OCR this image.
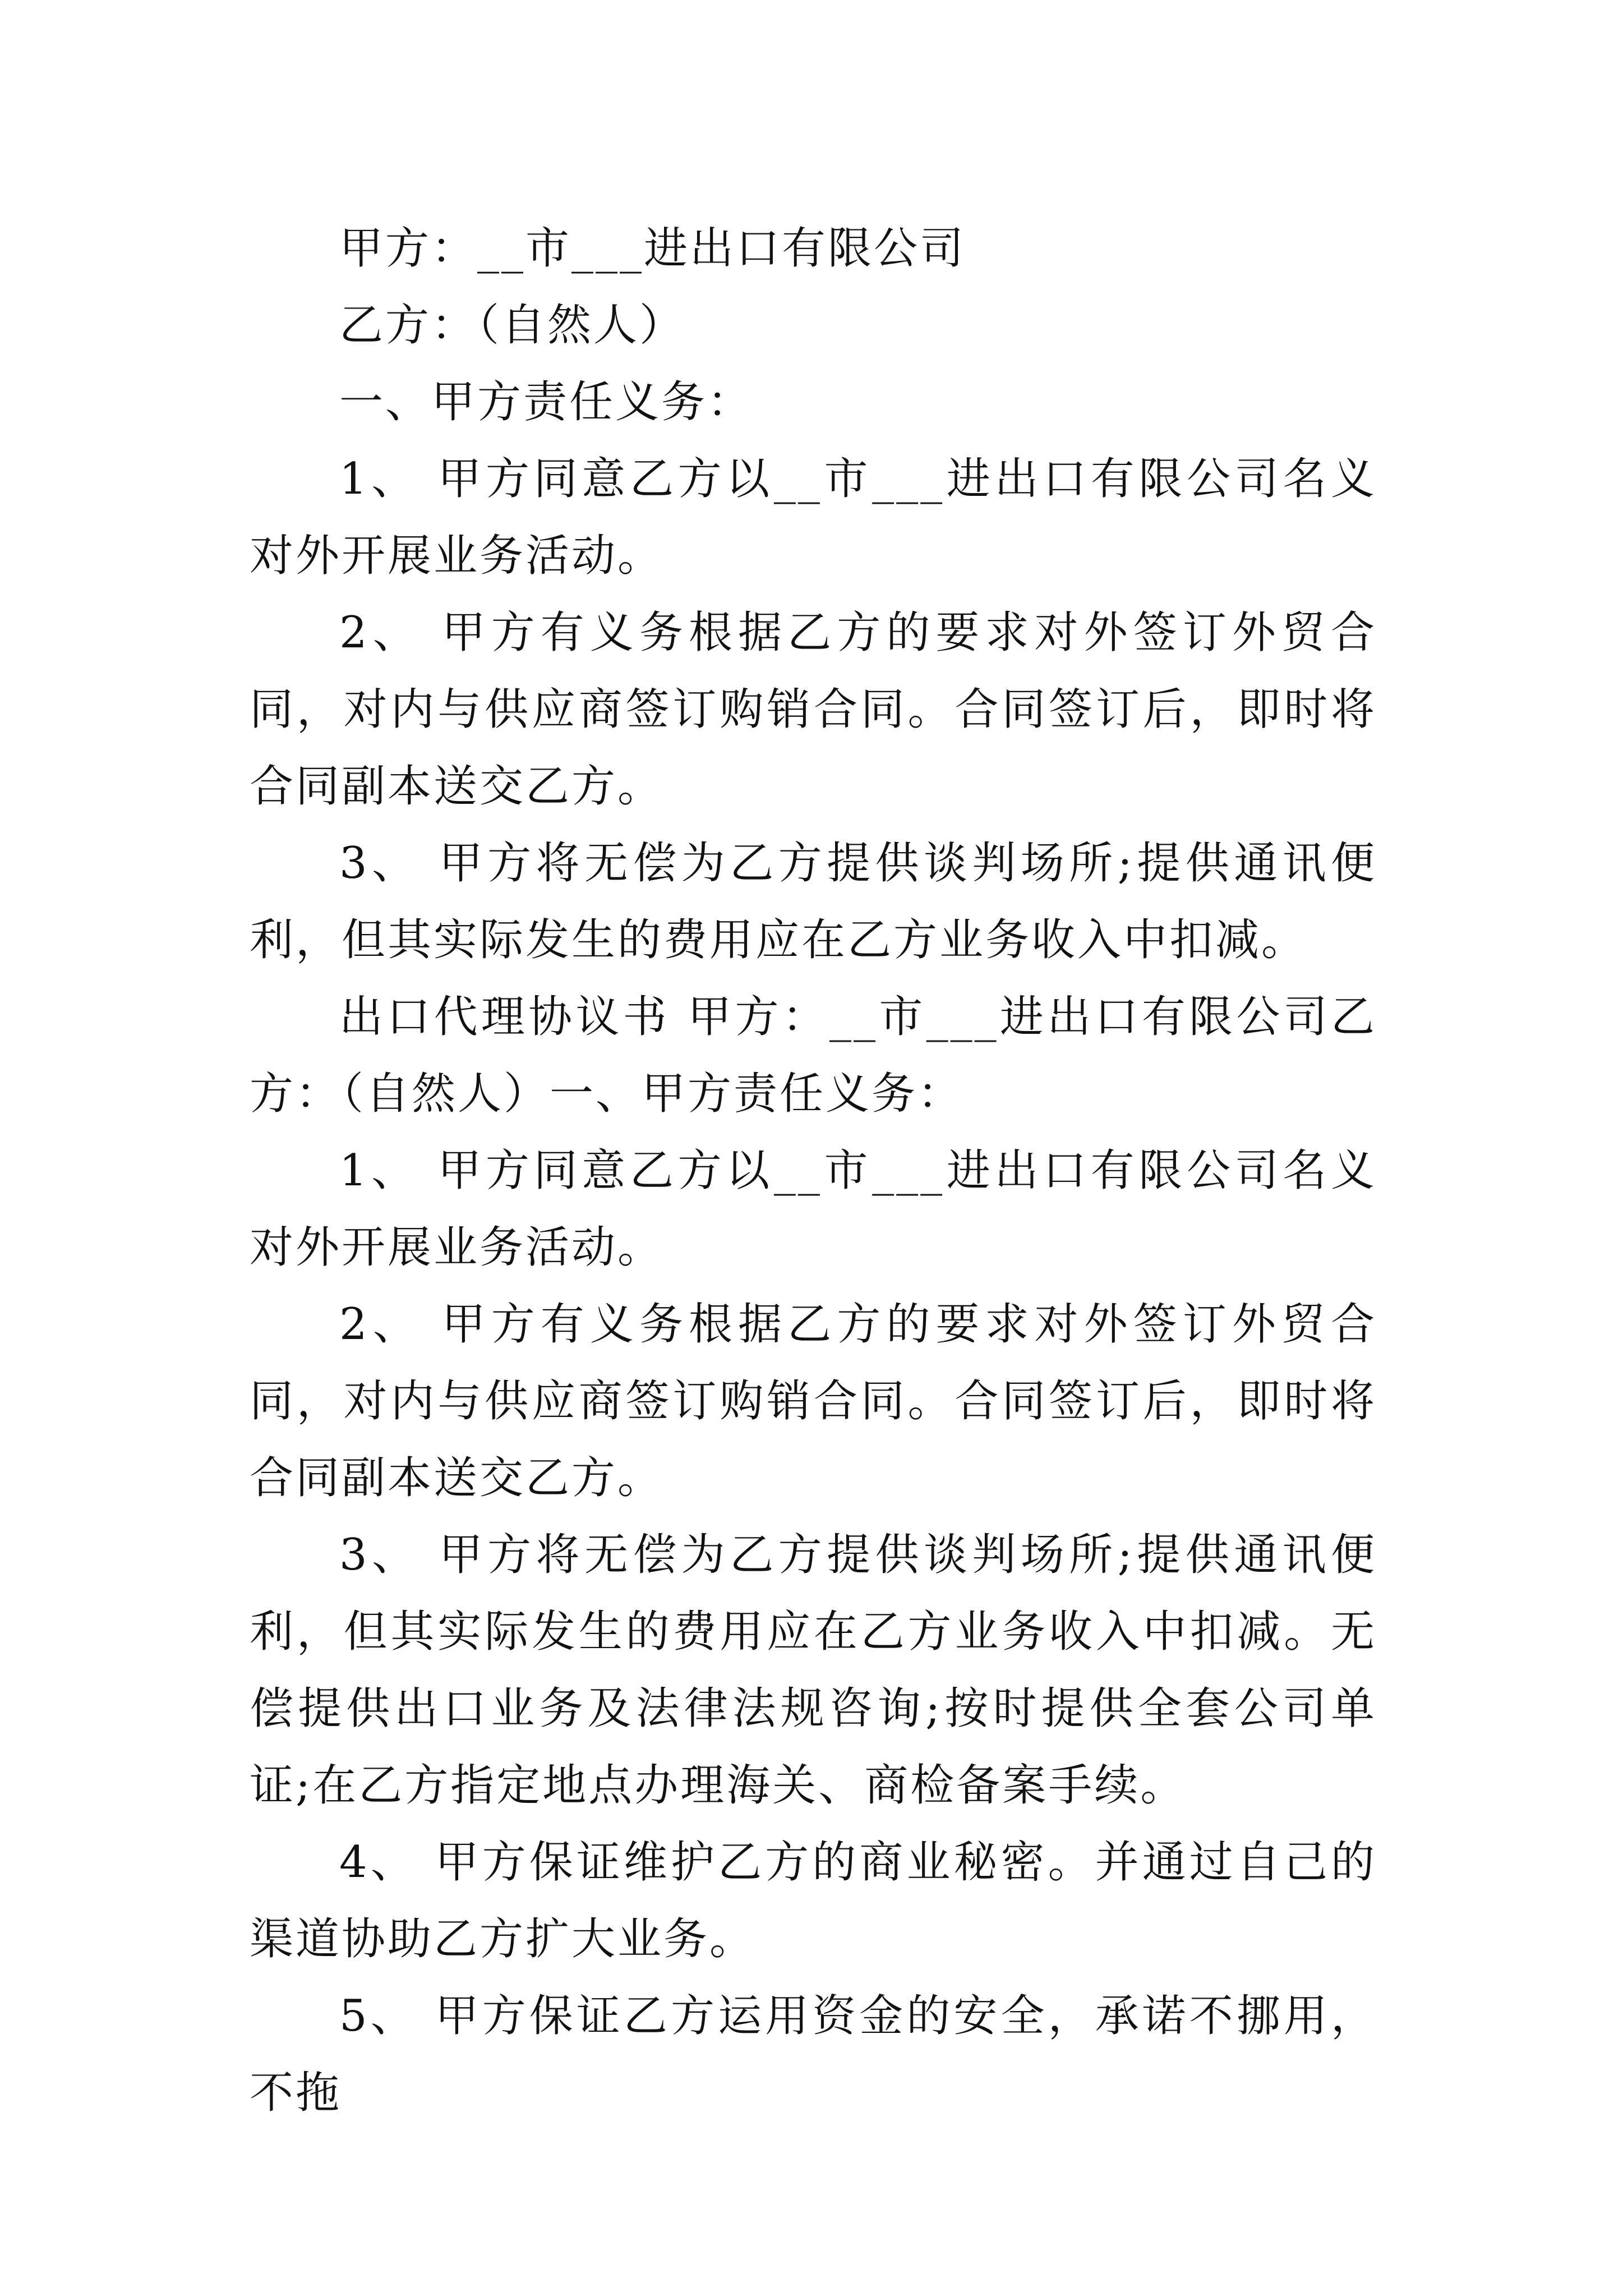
甲方：__市___进出口有限公司

乙方：（自然人）

一、甲方责任义务：

1、 甲方同意乙方以__市___进出口有限公司名义对外开展业务活动。

2、 甲方有义务根据乙方的要求对外签订外贸合同，对内与供应商签订购销合同。合同签订后，即时将合同副本送交乙方。

3、 甲方将无偿为乙方提供谈判场所;提供通讯便利，但其实际发生的费用应在乙方业务收入中扣减。

出口代理协议书 甲方：__市___进出口有限公司乙方：（自然人）一、甲方责任义务：

1、 甲方同意乙方以__市___进出口有限公司名义对外开展业务活动。

2、 甲方有义务根据乙方的要求对外签订外贸合同，对内与供应商签订购销合同。合同签订后，即时将合同副本送交乙方。

3、 甲方将无偿为乙方提供谈判场所;提供通讯便利，但其实际发生的费用应在乙方业务收入中扣减。无偿提供出口业务及法律法规咨询;按时提供全套公司单证;在乙方指定地点办理海关、商检备案手续。

4、 甲方保证维护乙方的商业秘密。并通过自己的渠道协助乙方扩大业务。

5、 甲方保证乙方运用资金的安全，承诺不挪用，不拖
